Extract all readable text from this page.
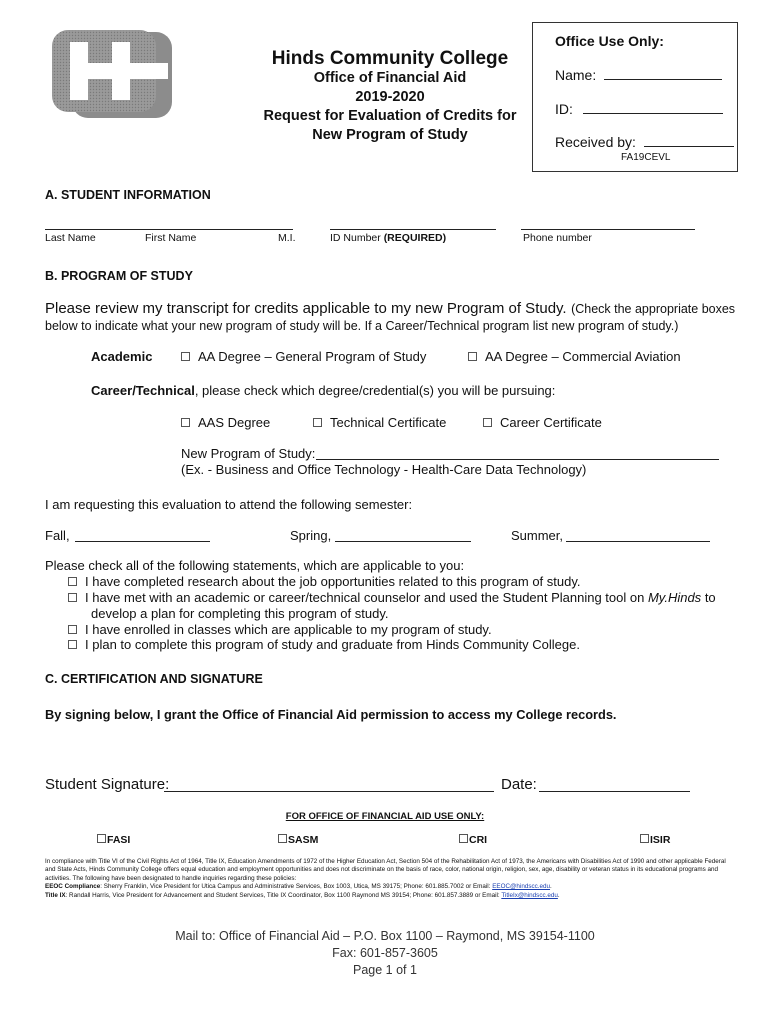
Hinds Community College
Office of Financial Aid
2019-2020
Request for Evaluation of Credits for
New Program of Study
Office Use Only:
Name:
ID:
Received by:
FA19CEVL
A. STUDENT INFORMATION
Last Name	First Name	M.I.	ID Number (REQUIRED)	Phone number
B. PROGRAM OF STUDY
Please review my transcript for credits applicable to my new Program of Study. (Check the appropriate boxes
below to indicate what your new program of study will be. If a Career/Technical program list new program of study.)
Academic	AA Degree – General Program of Study	AA Degree – Commercial Aviation
Career/Technical, please check which degree/credential(s) you will be pursuing:
AAS Degree	Technical Certificate	Career Certificate
New Program of Study:
(Ex. - Business and Office Technology - Health-Care Data Technology)
I am requesting this evaluation to attend the following semester:
Fall,	Spring,	Summer,
Please check all of the following statements, which are applicable to you:
I have completed research about the job opportunities related to this program of study.
I have met with an academic or career/technical counselor and used the Student Planning tool on My.Hinds to
develop a plan for completing this program of study.
I have enrolled in classes which are applicable to my program of study.
I plan to complete this program of study and graduate from Hinds Community College.
C. CERTIFICATION AND SIGNATURE
By signing below, I grant the Office of Financial Aid permission to access my College records.
Student Signature:	Date:
FOR OFFICE OF FINANCIAL AID USE ONLY:
FASI	SASM	CRI	ISIR
In compliance with Title VI of the Civil Rights Act of 1964, Title IX, Education Amendments of 1972 of the Higher Education Act, Section 504 of the Rehabilitation Act of 1973, the Americans with Disabilities Act of 1990 and other applicable Federal and State Acts, Hinds Community College offers equal education and employment opportunities and does not discriminate on the basis of race, color, national origin, religion, sex, age, disability or veteran status in its educational programs and activities. The following have been designated to handle inquiries regarding these policies:
EEOC Compliance: Sherry Franklin, Vice President for Utica Campus and Administrative Services, Box 1003, Utica, MS 39175; Phone: 601.885.7002 or Email: EEOC@hindscc.edu.
Title IX: Randall Harris, Vice President for Advancement and Student Services, Title IX Coordinator, Box 1100 Raymond MS 39154; Phone: 601.857.3889 or Email: TitleIx@hindscc.edu.
Mail to: Office of Financial Aid – P.O. Box 1100 – Raymond, MS 39154-1100
Fax: 601-857-3605
Page 1 of 1
